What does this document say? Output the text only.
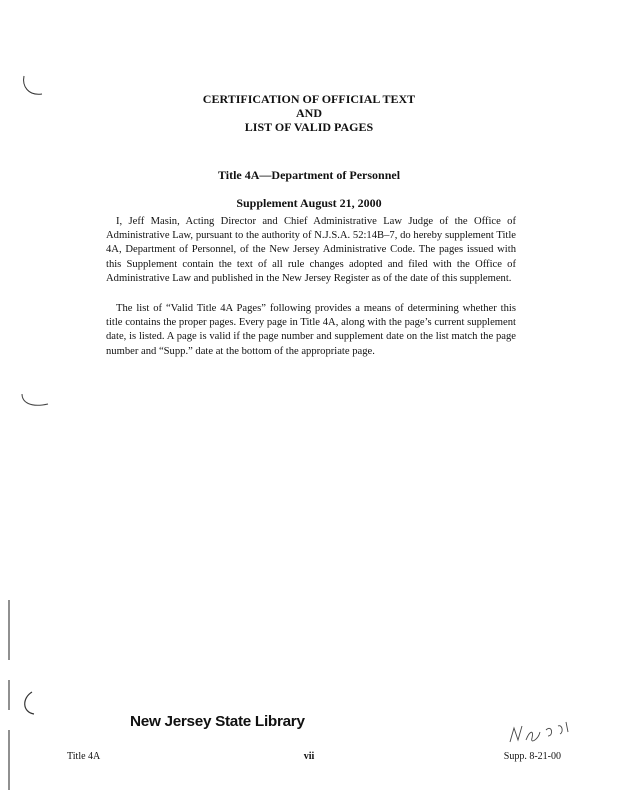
CERTIFICATION OF OFFICIAL TEXT
AND
LIST OF VALID PAGES
Title 4A—Department of Personnel
Supplement August 21, 2000

I, Jeff Masin, Acting Director and Chief Administrative Law Judge of the Office of Administrative Law, pursuant to the authority of N.J.S.A. 52:14B–7, do hereby supplement Title 4A, Department of Personnel, of the New Jersey Administrative Code. The pages issued with this Supplement contain the text of all rule changes adopted and filed with the Office of Administrative Law and published in the New Jersey Register as of the date of this supplement.

The list of “Valid Title 4A Pages” following provides a means of determining whether this title contains the proper pages. Every page in Title 4A, along with the page’s current supplement date, is listed. A page is valid if the page number and supplement date on the list match the page number and “Supp.” date at the bottom of the appropriate page.

New Jersey State Library
Title 4A	vii	Supp. 8-21-00
